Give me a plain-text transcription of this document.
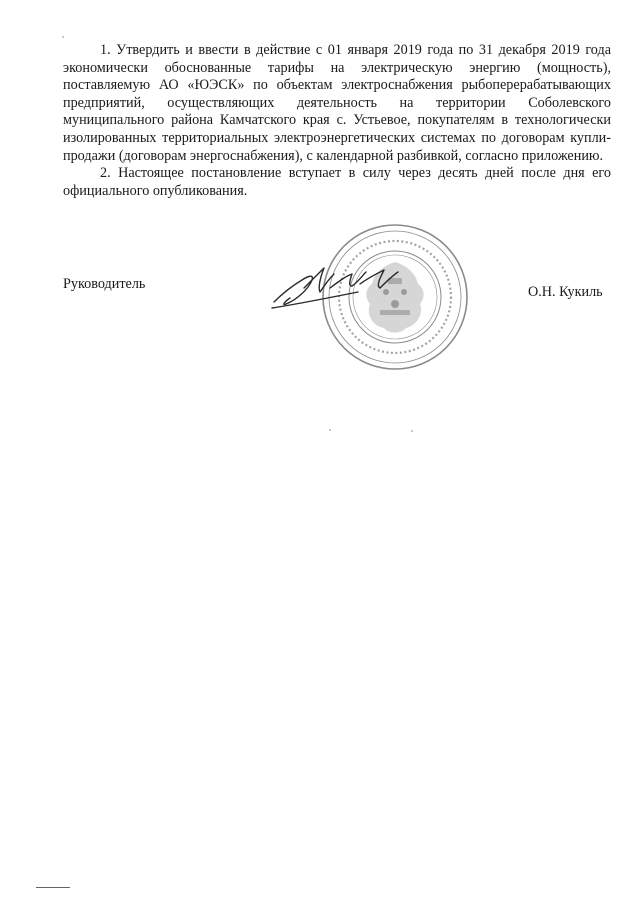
1. Утвердить и ввести в действие с 01 января 2019 года по 31 декабря 2019 года экономически обоснованные тарифы на электрическую энергию (мощность), поставляемую АО «ЮЭСК» по объектам электроснабжения рыбоперерабатывающих предприятий, осуществляющих деятельность на территории Соболевского муниципального района Камчатского края с. Устьевое, покупателям в технологически изолированных территориальных электроэнергетических системах по договорам купли-продажи (договорам энергоснабжения), с календарной разбивкой, согласно приложению.

2. Настоящее постановление вступает в силу через десять дней после дня его официального опубликования.

Руководитель	О.Н. Кукиль
